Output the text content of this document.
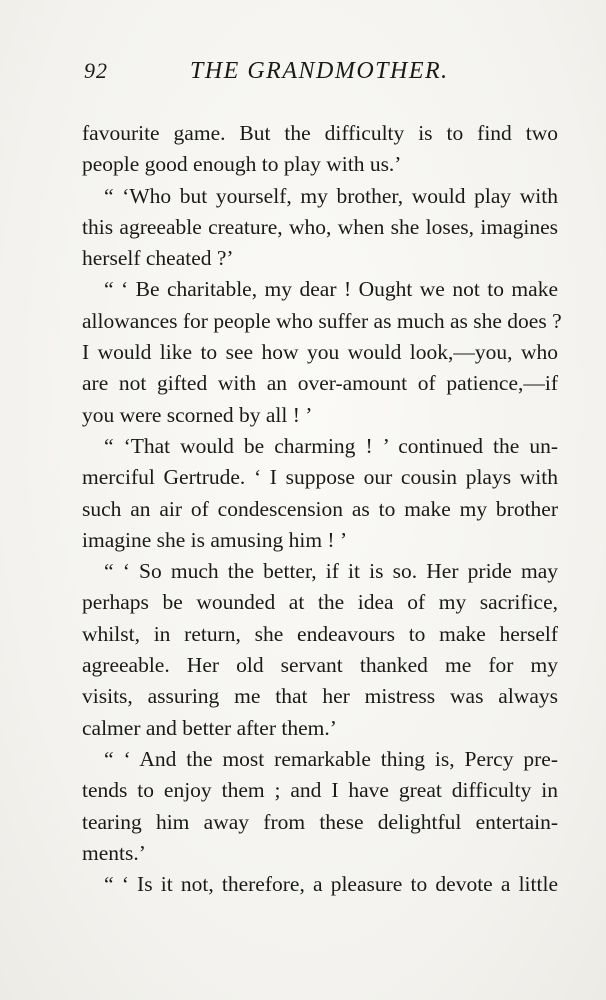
92	THE GRANDMOTHER.
favourite game. But the difficulty is to find two
people good enough to play with us.’
“ ‘Who but yourself, my brother, would play with
this agreeable creature, who, when she loses, imagines
herself cheated ?’
“ ‘ Be charitable, my dear ! Ought we not to make
allowances for people who suffer as much as she does ?
I would like to see how you would look,—you, who
are not gifted with an over-amount of patience,—if
you were scorned by all ! ’
“ ‘That would be charming ! ’ continued the un-
merciful Gertrude. ‘ I suppose our cousin plays with
such an air of condescension as to make my brother
imagine she is amusing him ! ’
“ ‘ So much the better, if it is so. Her pride may
perhaps be wounded at the idea of my sacrifice,
whilst, in return, she endeavours to make herself
agreeable. Her old servant thanked me for my
visits, assuring me that her mistress was always
calmer and better after them.’
“ ‘ And the most remarkable thing is, Percy pre-
tends to enjoy them ; and I have great difficulty in
tearing him away from these delightful entertain-
ments.’
“ ‘ Is it not, therefore, a pleasure to devote a little
